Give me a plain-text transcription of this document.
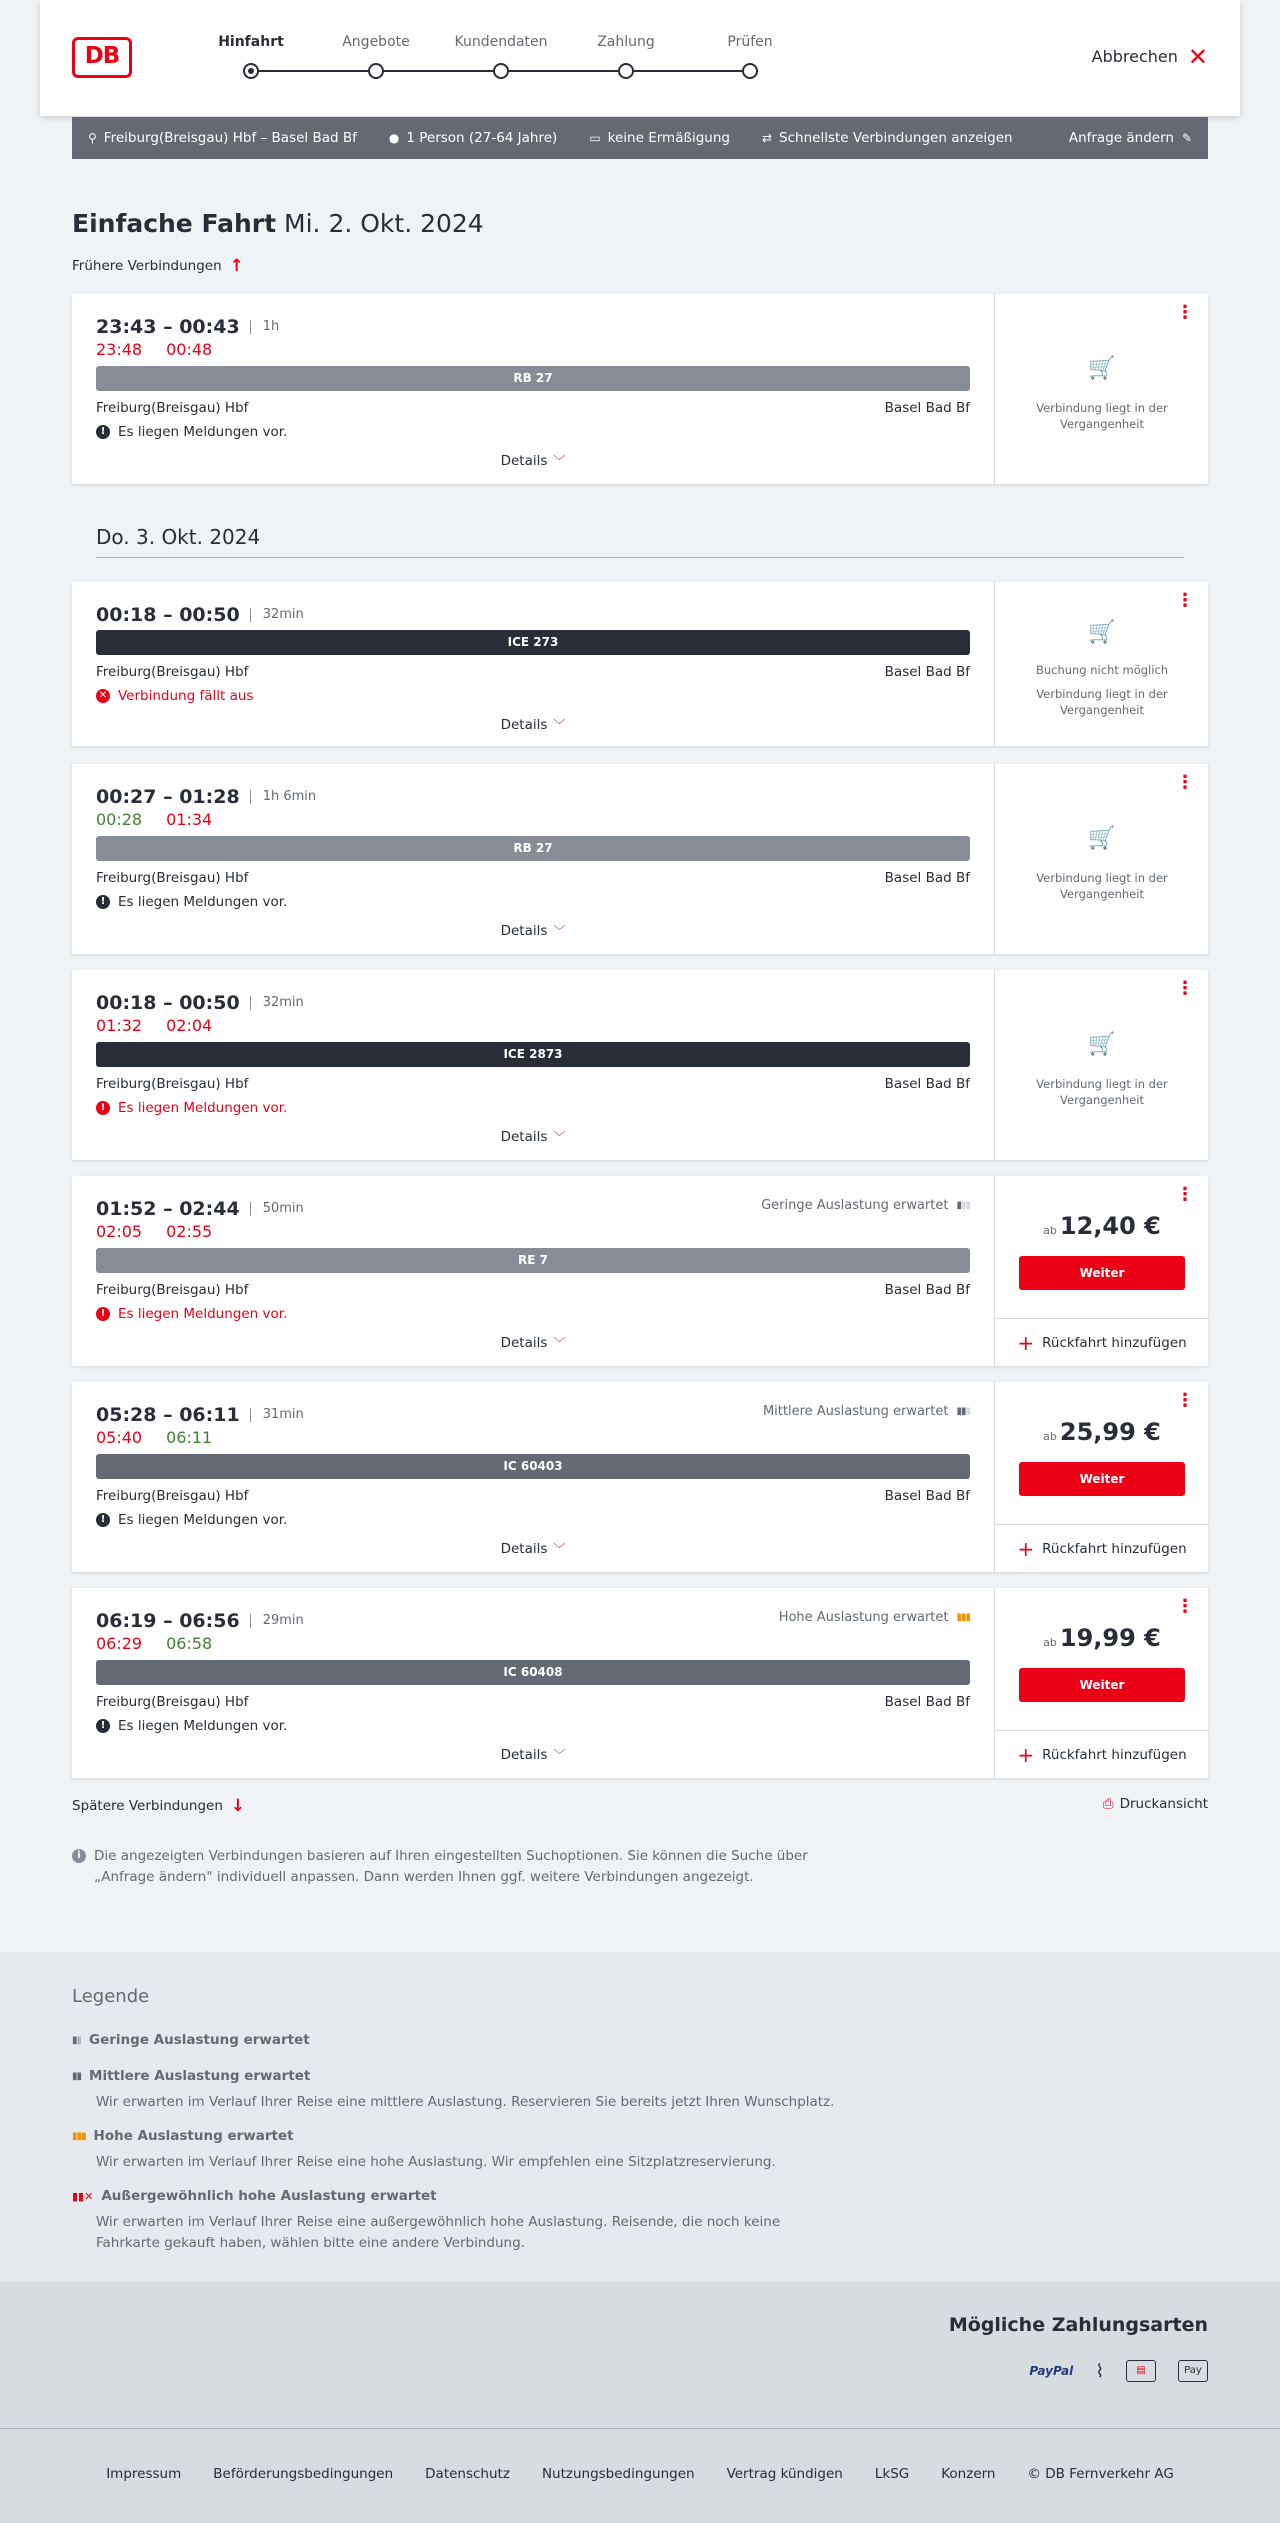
DB
Hinfahrt	Angebote	Kundendaten	Zahlung	Prüfen
Abbrechen ✕
⚲ Freiburg(Breisgau) Hbf – Basel Bad Bf	● 1 Person (27-64 Jahre)	▭ keine Ermäßigung	⇄ Schnellste Verbindungen anzeigen	Anfrage ändern ✎
Einfache Fahrt Mi. 2. Okt. 2024
Frühere Verbindungen ↑
23:43 – 00:43	1h
23:48 00:48
RB 27
Freiburg(Breisgau) Hbf	Basel Bad Bf
! Es liegen Meldungen vor.
Details ﹀
⋮
🛒
Verbindung liegt in der Vergangenheit
Do. 3. Okt. 2024
00:18 – 00:50	32min
ICE 273
Freiburg(Breisgau) Hbf	Basel Bad Bf
✕ Verbindung fällt aus
Details ﹀
⋮
🛒
Buchung nicht möglich
Verbindung liegt in der Vergangenheit
00:27 – 01:28	1h 6min
00:28 01:34
RB 27
Freiburg(Breisgau) Hbf	Basel Bad Bf
! Es liegen Meldungen vor.
Details ﹀
⋮
🛒
Verbindung liegt in der Vergangenheit
00:18 – 00:50	32min
01:32 02:04
ICE 2873
Freiburg(Breisgau) Hbf	Basel Bad Bf
! Es liegen Meldungen vor.
Details ﹀
⋮
🛒
Verbindung liegt in der Vergangenheit
01:52 – 02:44	50min	Geringe Auslastung erwartet ▮▮▮
02:05 02:55
RE 7
Freiburg(Breisgau) Hbf	Basel Bad Bf
! Es liegen Meldungen vor.
Details ﹀
⋮
ab 12,40 €
Weiter
+ Rückfahrt hinzufügen
05:28 – 06:11	31min	Mittlere Auslastung erwartet ▮▮▮
05:40 06:11
IC 60403
Freiburg(Breisgau) Hbf	Basel Bad Bf
! Es liegen Meldungen vor.
Details ﹀
⋮
ab 25,99 €
Weiter
+ Rückfahrt hinzufügen
06:19 – 06:56	29min	Hohe Auslastung erwartet ▮▮▮
06:29 06:58
IC 60408
Freiburg(Breisgau) Hbf	Basel Bad Bf
! Es liegen Meldungen vor.
Details ﹀
⋮
ab 19,99 €
Weiter
+ Rückfahrt hinzufügen
Spätere Verbindungen ↓	⎙ Druckansicht
i Die angezeigten Verbindungen basieren auf Ihren eingestellten Suchoptionen. Sie können die Suche über „Anfrage ändern" individuell anpassen. Dann werden Ihnen ggf. weitere Verbindungen angezeigt.
Legende
▮▮ Geringe Auslastung erwartet
▮▮ Mittlere Auslastung erwartet
Wir erwarten im Verlauf Ihrer Reise eine mittlere Auslastung. Reservieren Sie bereits jetzt Ihren Wunschplatz.
▮▮▮ Hohe Auslastung erwartet
Wir erwarten im Verlauf Ihrer Reise eine hohe Auslastung. Wir empfehlen eine Sitzplatzreservierung.
▮▮✕ Außergewöhnlich hohe Auslastung erwartet
Wir erwarten im Verlauf Ihrer Reise eine außergewöhnlich hohe Auslastung. Reisende, die noch keine Fahrkarte gekauft haben, wählen bitte eine andere Verbindung.
Mögliche Zahlungsarten
PayPal ⌇	▤	Pay
Impressum Beförderungsbedingungen Datenschutz Nutzungsbedingungen Vertrag kündigen LkSG Konzern © DB Fernverkehr AG
